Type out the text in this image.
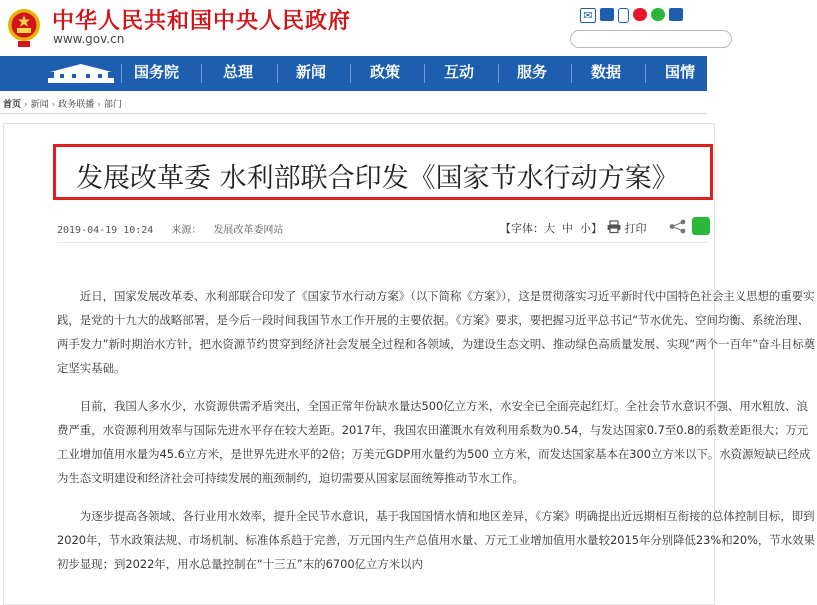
中华人民共和国中央人民政府
www.gov.cn
✉
国务院	总理	新闻	政策	互动	服务	数据	国情
首页 › 新闻 › 政务联播 › 部门
发展改革委 水利部联合印发《国家节水行动方案》
2019-04-19 10:24 来源： 发展改革委网站	【字体：大 中 小】	打印

近日，国家发展改革委、水利部联合印发了《国家节水行动方案》（以下简称《方案》），这是贯彻落实习近平新时代中国特色社会主义思想的重要实践，是党的十九大的战略部署，是今后一段时间我国节水工作开展的主要依据。《方案》要求，要把握习近平总书记“节水优先、空间均衡、系统治理、两手发力”新时期治水方针，把水资源节约贯穿到经济社会发展全过程和各领域，为建设生态文明、推动绿色高质量发展、实现“两个一百年”奋斗目标奠定坚实基础。

目前，我国人多水少，水资源供需矛盾突出，全国正常年份缺水量达500亿立方米，水安全已全面亮起红灯。全社会节水意识不强、用水粗放、浪费严重，水资源利用效率与国际先进水平存在较大差距。2017年，我国农田灌溉水有效利用系数为0.54，与发达国家0.7至0.8的系数差距很大；万元工业增加值用水量为45.6立方米，是世界先进水平的2倍；万美元GDP用水量约为500 立方米，而发达国家基本在300立方米以下。水资源短缺已经成为生态文明建设和经济社会可持续发展的瓶颈制约，迫切需要从国家层面统筹推动节水工作。

为逐步提高各领域、各行业用水效率，提升全民节水意识，基于我国国情水情和地区差异，《方案》明确提出近远期相互衔接的总体控制目标，即到2020年，节水政策法规、市场机制、标准体系趋于完善，万元国内生产总值用水量、万元工业增加值用水量较2015年分别降低23%和20%，节水效果初步显现；到2022年，用水总量控制在“十三五”末的6700亿立方米以内
